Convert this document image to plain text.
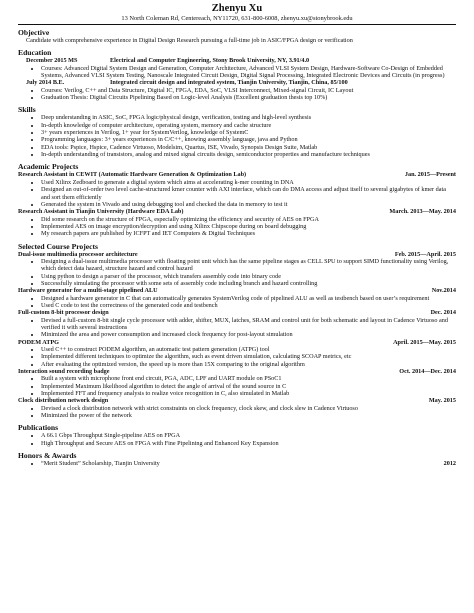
Zhenyu Xu
13 North Coleman Rd, Centereach, NY11720, 631-800-6008, zhenyu.xu@stonybrook.edu
Objective
Candidate with comprehensive experience in Digital Design Research pursuing a full-time job in ASIC/FPGA design or verification
Education
December 2015 MS	Electrical and Computer Engineering, Stony Brook University, NY, 3.91/4.0
• Courses: Advanced Digital System Design and Generation, Computer Architecture, Advanced VLSI System Design, Hardware-Software Co-Design of Embedded Systems, Advanced VLSI System Testing, Nanoscale Integrated Circuit Design, Digital Signal Processing, Integrated Electronic Devices and Circuits (in progress)
July 2014 B.E.	Integrated circuit design and integrated system, Tianjin University, Tianjin, China, 85/100
• Courses: Verilog, C++ and Data Structure, Digital IC, FPGA, EDA, SoC, VLSI Interconnect, Mixed-signal Circuit, IC Layout
• Graduation Thesis: Digital Circuits Pipelining Based on Logic-level Analysis (Excellent graduation thesis top 10%)
Skills
• Deep understanding in ASIC, SoC, FPGA logic/physical design, verification, testing and high-level synthesis
• In-depth knowledge of computer architecture, operating system, memory and cache structure
• 3+ years experiences in Verilog, 1+ year for SystemVerilog, knowledge of SystemC
• Programming languages: 3+ years experiences in C/C++, knowing assembly language, java and Python
• EDA tools: Pspice, Hspice, Cadence Virtuoso, Modelsim, Quartus, ISE, Vivado, Synopsis Design Suite, Matlab
• In-depth understanding of transistors, analog and mixed signal circuits design, semiconductor properties and manufacture techniques
Academic Projects
Research Assistant in CEWIT (Automatic Hardware Generation & Optimization Lab)	Jan. 2015—Present
• Used Xilinx Zedboard to generate a digital system which aims at accelerating k-mer counting in DNA
• Designed an out-of-order two level cache-structured kmer counter with AXI interface, which can do DMA access and adjust itself to several gigabytes of kmer data and sort them efficiently
• Generated the system in Vivado and using debugging tool and checked the data in memory to test it
Research Assistant in Tianjin University (Hardware EDA Lab)	March. 2013—May. 2014
• Did some research on the structure of FPGA, especially optimizing the efficiency and security of AES on FPGA
• Implemented AES on image encryption/decryption and using Xilinx Chipscope during on board debugging
• My research papers are published by ICFPT and IET Computers & Digital Techniques
Selected Course Projects
Dual-issue multimedia processor architecture	Feb. 2015—April. 2015
• Designing a dual-issue multimedia processor with floating point unit which has the same pipeline stages as CELL SPU to support SIMD functionality using Verilog, which detect data hazard, structure hazard and control hazard
• Using python to design a parser of the processor, which transfers assembly code into binary code
• Successfully simulating the processor with some sets of assembly code including branch and hazard controlling
Hardware generator for a multi-stage pipelined ALU	Nov.2014
• Designed a hardware generator in C that can automatically generates SystemVerilog code of pipelined ALU as well as testbench based on user’s requirement
• Used C code to test the correctness of the generated code and testbench
Full-custom 8-bit processor design	Dec. 2014
• Devised a full-custom 8-bit single cycle processor with adder, shifter, MUX, latches, SRAM and control unit for both schematic and layout in Cadence Virtuoso and verified it with several instructions
• Minimized the area and power consumption and increased clock frequency for post-layout simulation
PODEM ATPG	April. 2015—May. 2015
• Used C++ to construct PODEM algorithm, an automatic test pattern generation (ATPG) tool
• Implemented different techniques to optimize the algorithm, such as event driven simulation, calculating SCOAP metrics, etc
• After evaluating the optimized version, the speed up is more than 15X comparing to the original algorithm
Interaction sound recording badge	Oct. 2014—Dec. 2014
• Built a system with microphone front end circuit, PGA, ADC, LPF and UART module on PSoC1
• Implemented Maximum likelihood algorithm to detect the angle of arrival of the sound source in C
• Implemented FFT and frequency analysis to realize voice recognition in C, also simulated in Matlab
Clock distribution network design	May. 2015
• Devised a clock distribution network with strict constraints on clock frequency, clock skew, and clock slew in Cadence Virtuoso
• Minimized the power of the network
Publications
• A 66.1 Gbps Throughput Single-pipeline AES on FPGA
• High Throughput and Secure AES on FPGA with Fine Pipelining and Enhanced Key Expansion
Honors & Awards
• “Merit Student” Scholarship, Tianjin University	2012
